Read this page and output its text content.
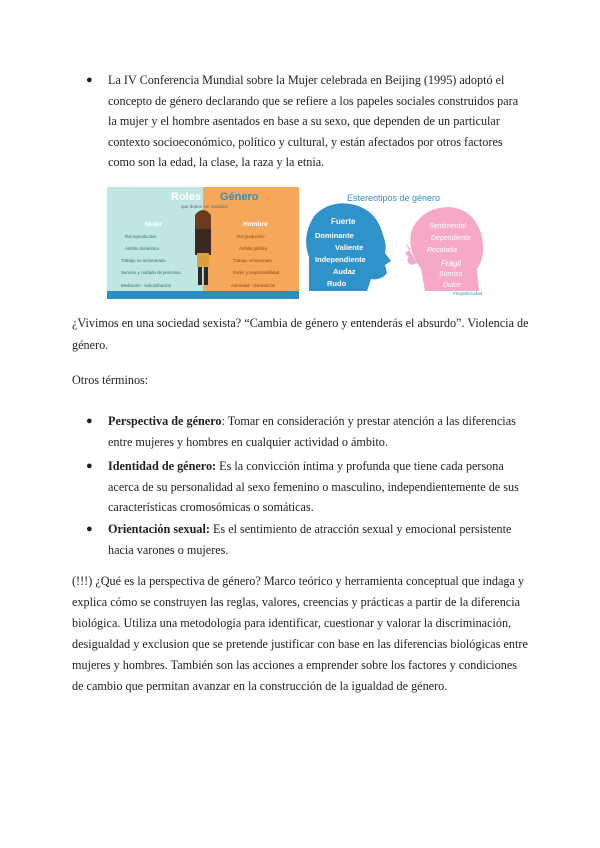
● La IV Conferencia Mundial sobre la Mujer celebrada en Beijing (1995) adoptó el
concepto de género declarando que se refiere a los papeles sociales construidos para
la mujer y el hombre asentados en base a su sexo, que dependen de un particular
contexto socioeconómico, político y cultural, y están afectados por otros factores
como son la edad, la clase, la raza y la etnia.
Roles de Género
que deben ser abolidos
Mujer	Hombre
Rol reproductivo
Ámbito doméstico
Trabajo no remunerado
Servicio y cuidado de personas
Mediación - subordinación
Rol productivo
Ámbito público
Trabajo remunerado
Poder y responsabilidad
Autoridad - dominación
Estereotipos de género
Fuerte
Dominante
Valiente
Independiente
Audaz
Rudo
Sentimental
Dependiente
Recatada
Frágil
Sumisa
Dulce
#SoyMiCiudad
¿Vivimos en una sociedad sexista? “Cambia de género y entenderás el absurdo”. Violencia de
género.
Otros términos:
● Perspectiva de género: Tomar en consideración y prestar atención a las diferencias
entre mujeres y hombres en cualquier actividad o ámbito.
● Identidad de género: Es la convicción íntima y profunda que tiene cada persona
acerca de su personalidad al sexo femenino o masculino, independientemente de sus
características cromosómicas o somáticas.
● Orientación sexual: Es el sentimiento de atracción sexual y emocional persistente
hacia varones o mujeres.
(!!!) ¿Qué es la perspectiva de género? Marco teórico y herramienta conceptual que indaga y
explica cómo se construyen las reglas, valores, creencias y prácticas a partir de la diferencia
biológica. Utiliza una metodología para identificar, cuestionar y valorar la discriminación,
desigualdad y exclusion que se pretende justificar con base en las diferencias biológicas entre
mujeres y hombres. También son las acciones a emprender sobre los factores y condiciones
de cambio que permitan avanzar en la construcción de la igualdad de género.
